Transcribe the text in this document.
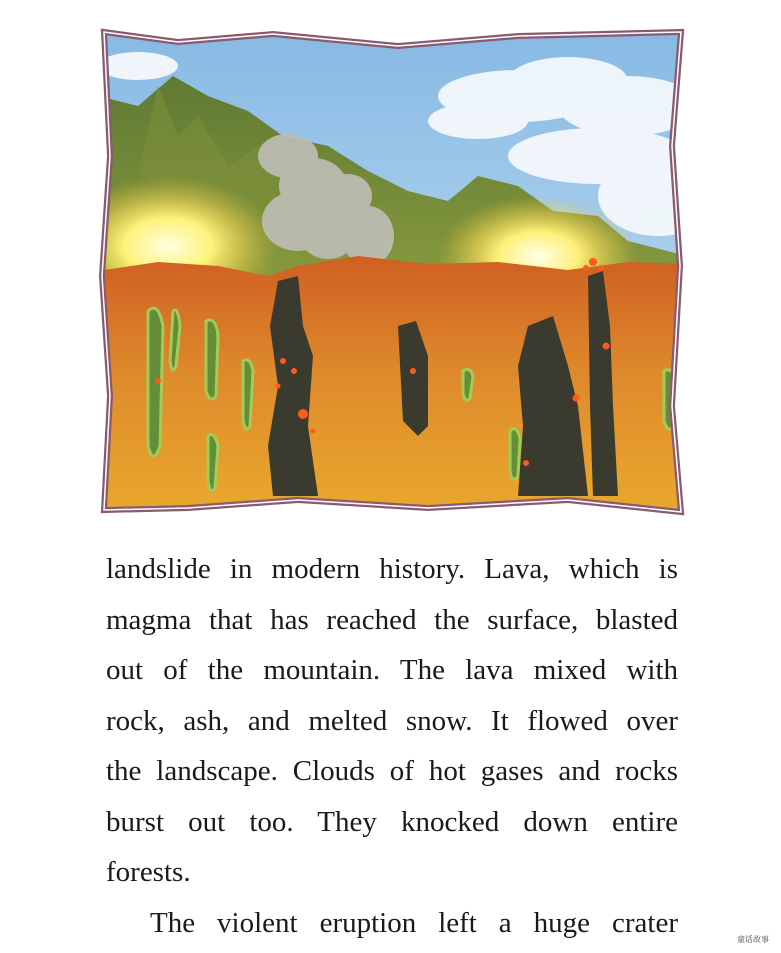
landslide in modern history. Lava, which is
magma that has reached the surface, blasted
out of the mountain. The lava mixed with
rock, ash, and melted snow. It flowed over
the landscape. Clouds of hot gases and rocks
burst out too. They knocked down entire
forests.
The violent eruption left a huge crater
童话故事
